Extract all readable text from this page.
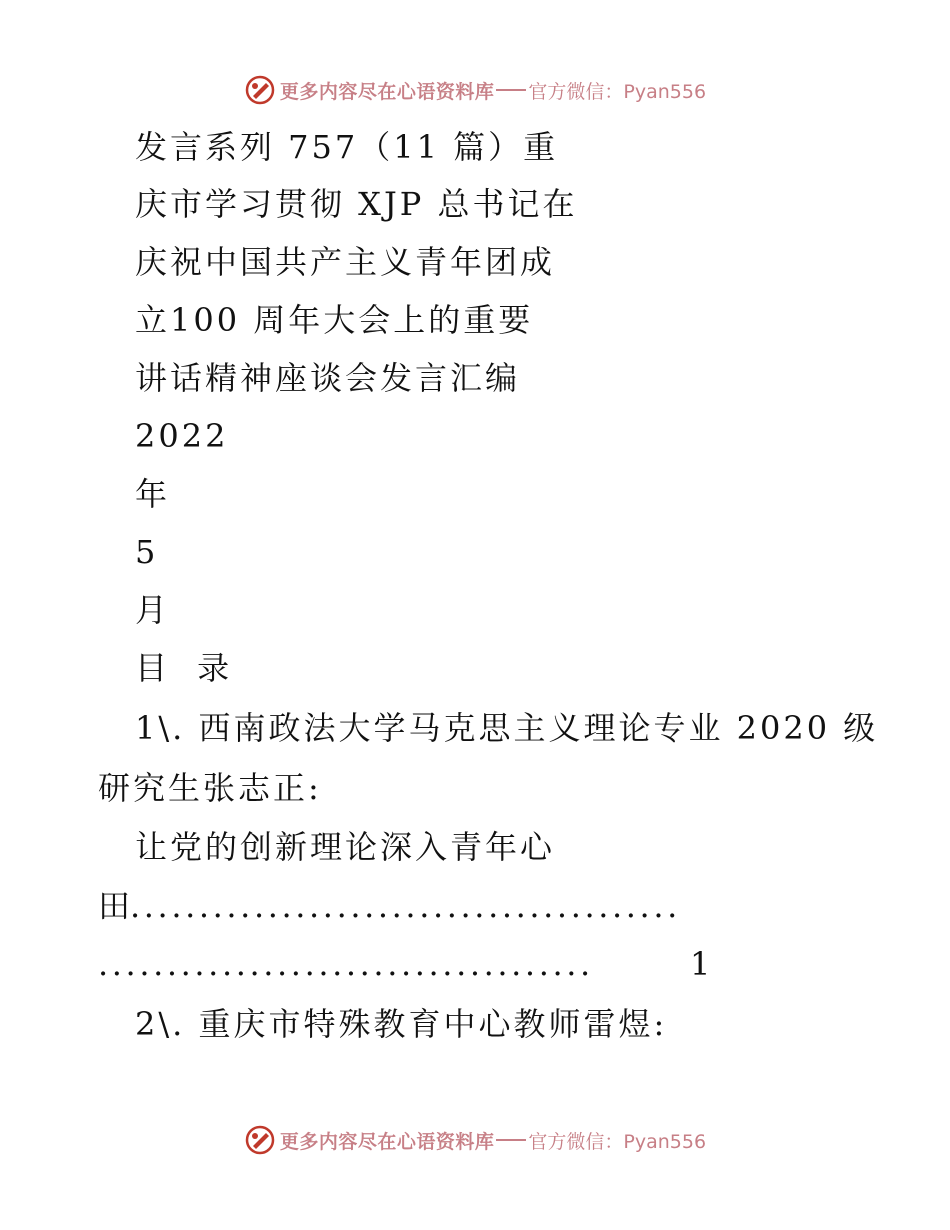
更多内容尽在心语资料库 官方微信：Pyan556
发言系列 757（11 篇）重
庆市学习贯彻 XJP 总书记在
庆祝中国共产主义青年团成
立100 周年大会上的重要
讲话精神座谈会发言汇编
2022
年
5
月
目 录
1\. 西南政法大学马克思主义理论专业 2020 级
研究生张志正:
让党的创新理论深入青年心
田
........................................
....................................	1
2\. 重庆市特殊教育中心教师雷煜:
更多内容尽在心语资料库 官方微信：Pyan556
